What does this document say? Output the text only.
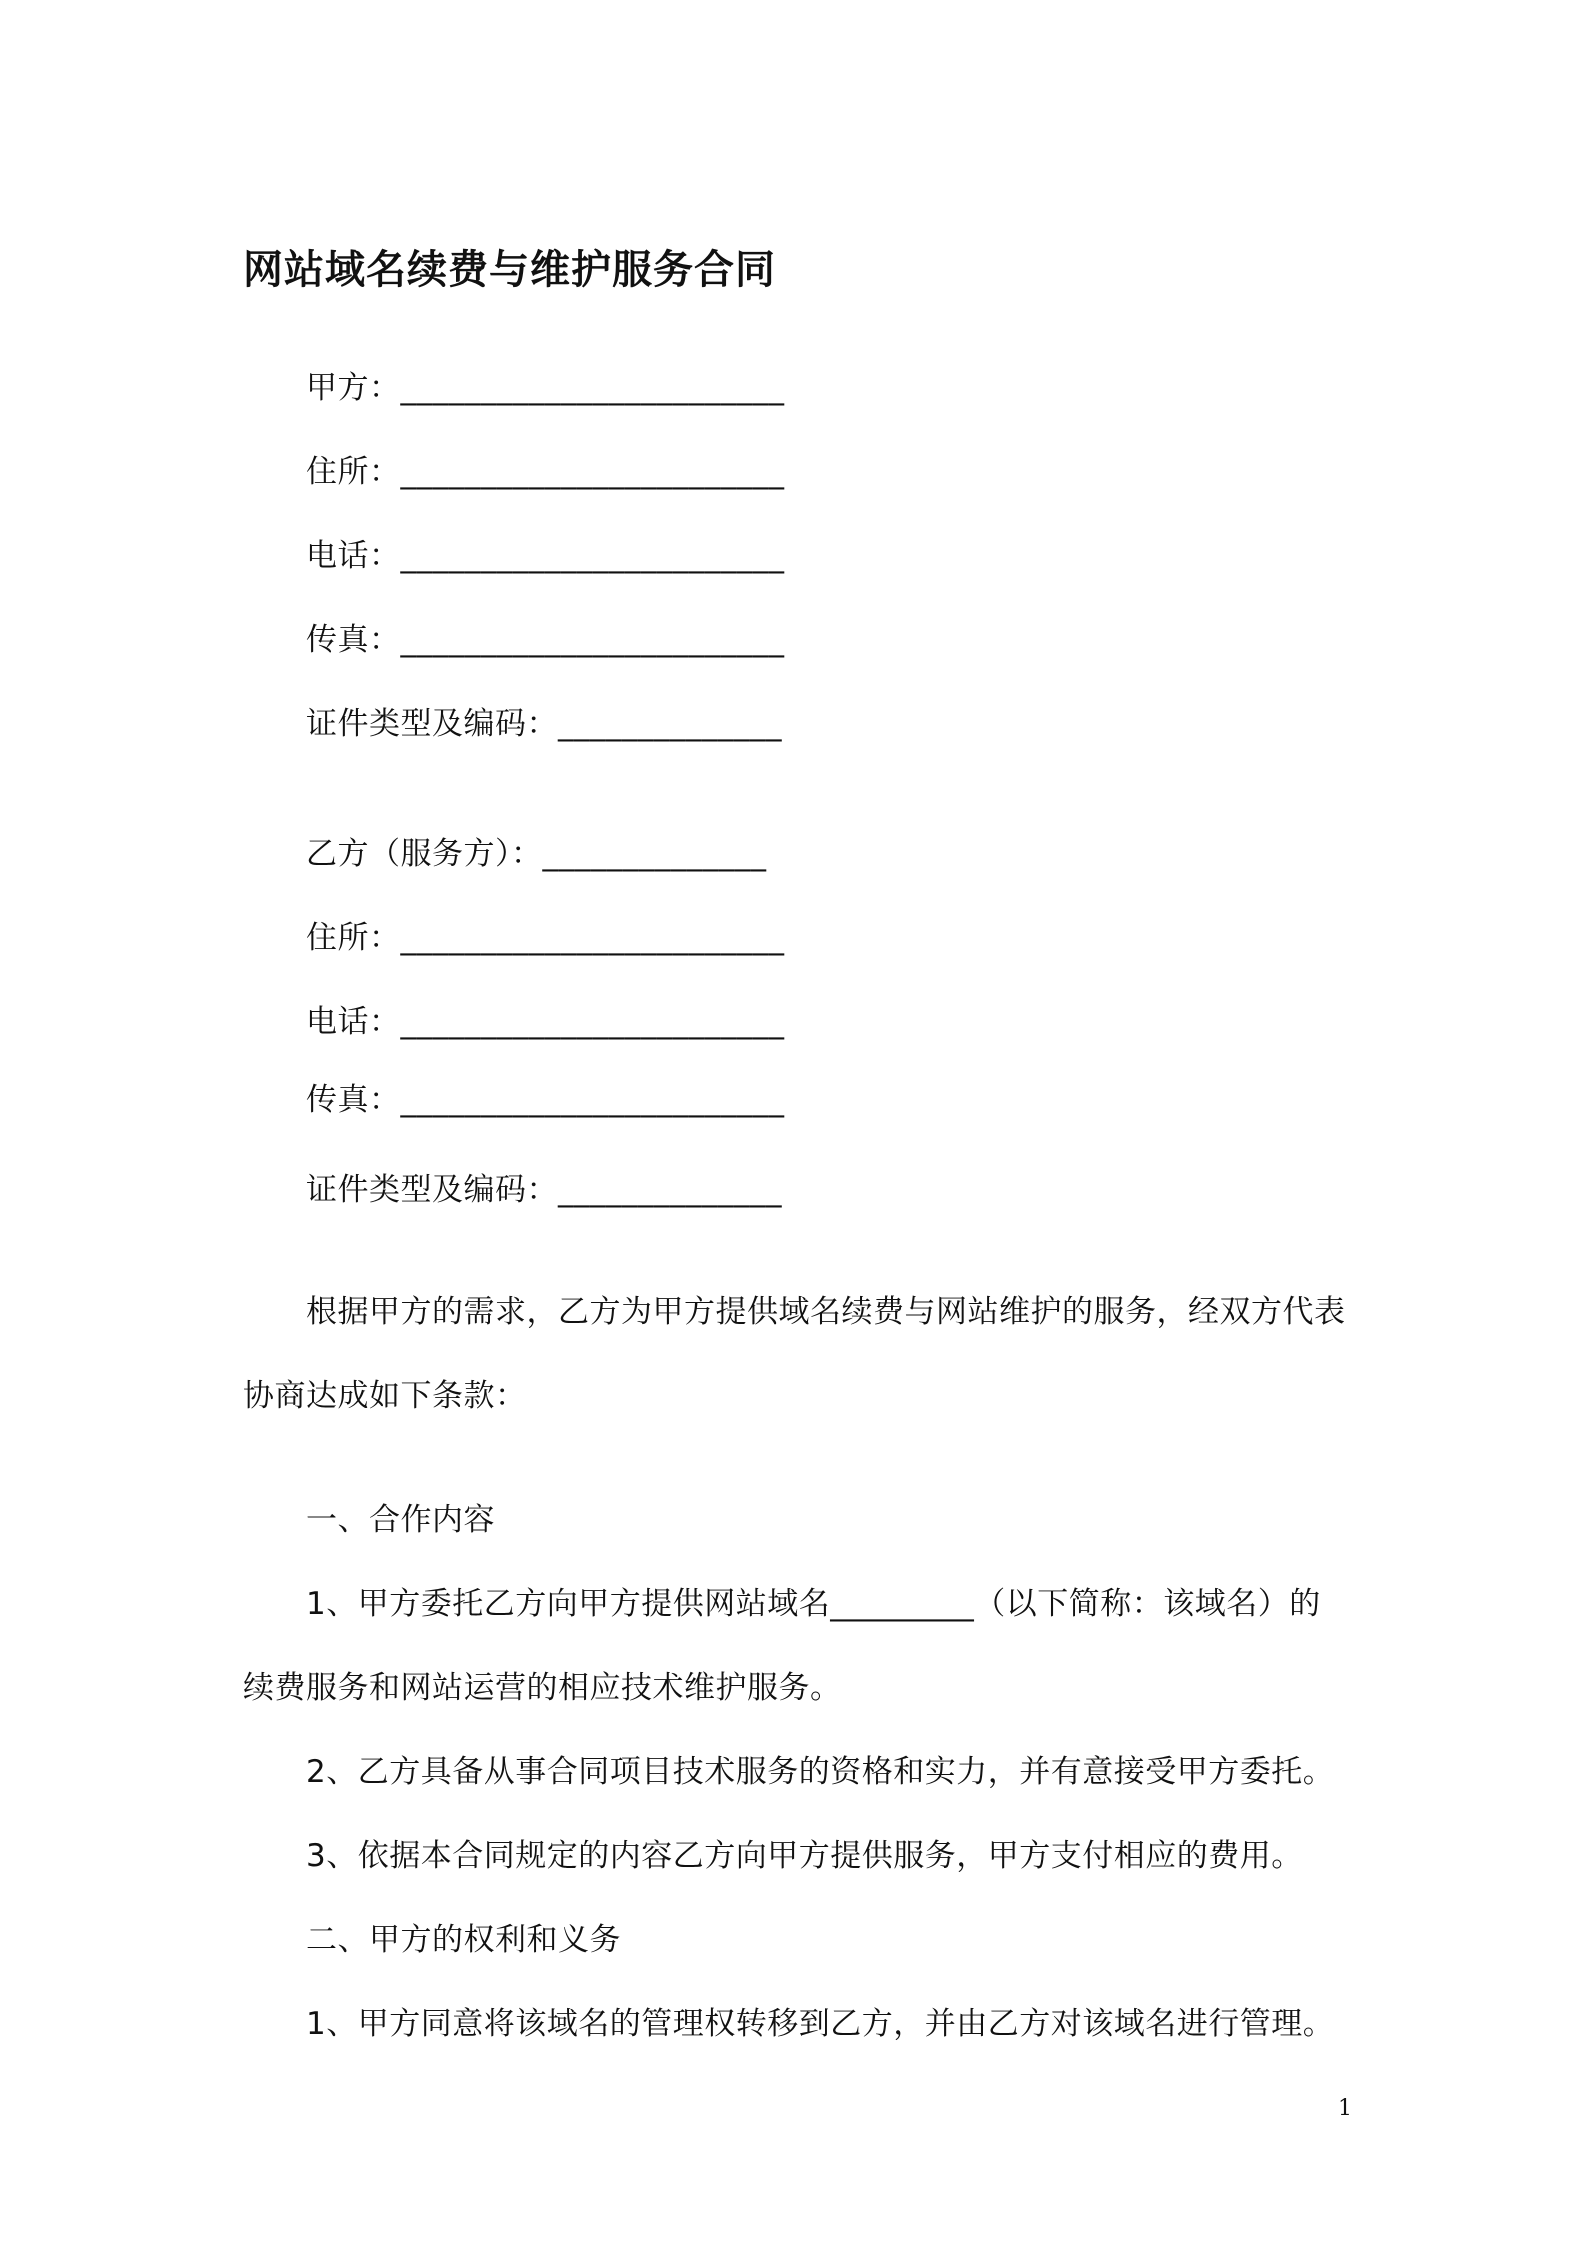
网站域名续费与维护服务合同
甲方：________________________
住所：________________________
电话：________________________
传真：________________________
证件类型及编码：______________
乙方（服务方）：______________
住所：________________________
电话：________________________
传真：________________________
证件类型及编码：______________
根据甲方的需求，乙方为甲方提供域名续费与网站维护的服务，经双方代表
协商达成如下条款：
一、合作内容
1、甲方委托乙方向甲方提供网站域名_________（以下简称：该域名）的
续费服务和网站运营的相应技术维护服务。
2、乙方具备从事合同项目技术服务的资格和实力，并有意接受甲方委托。
3、依据本合同规定的内容乙方向甲方提供服务，甲方支付相应的费用。
二、甲方的权利和义务
1、甲方同意将该域名的管理权转移到乙方，并由乙方对该域名进行管理。
1
